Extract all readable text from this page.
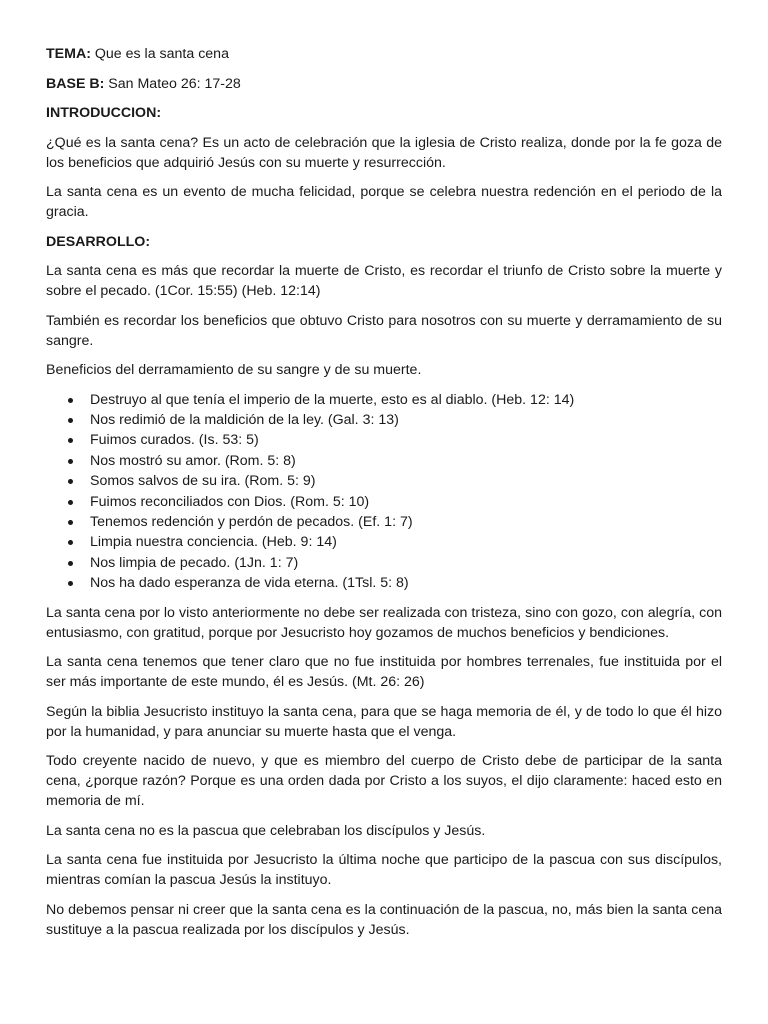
TEMA: Que es la santa cena

BASE B: San Mateo 26: 17-28

INTRODUCCION:

¿Qué es la santa cena? Es un acto de celebración que la iglesia de Cristo realiza, donde por la fe goza de los beneficios que adquirió Jesús con su muerte y resurrección.

La santa cena es un evento de mucha felicidad, porque se celebra nuestra redención en el periodo de la gracia.

DESARROLLO:

La santa cena es más que recordar la muerte de Cristo, es recordar el triunfo de Cristo sobre la muerte y sobre el pecado. (1Cor. 15:55) (Heb. 12:14)

También es recordar los beneficios que obtuvo Cristo para nosotros con su muerte y derramamiento de su sangre.

Beneficios del derramamiento de su sangre y de su muerte.

Destruyo al que tenía el imperio de la muerte, esto es al diablo. (Heb. 12: 14)
Nos redimió de la maldición de la ley. (Gal. 3: 13)
Fuimos curados. (Is. 53: 5)
Nos mostró su amor. (Rom. 5: 8)
Somos salvos de su ira. (Rom. 5: 9)
Fuimos reconciliados con Dios. (Rom. 5: 10)
Tenemos redención y perdón de pecados. (Ef. 1: 7)
Limpia nuestra conciencia. (Heb. 9: 14)
Nos limpia de pecado. (1Jn. 1: 7)
Nos ha dado esperanza de vida eterna. (1Tsl. 5: 8)

La santa cena por lo visto anteriormente no debe ser realizada con tristeza, sino con gozo, con alegría, con entusiasmo, con gratitud, porque por Jesucristo hoy gozamos de muchos beneficios y bendiciones.

La santa cena tenemos que tener claro que no fue instituida por hombres terrenales, fue instituida por el ser más importante de este mundo, él es Jesús. (Mt. 26: 26)

Según la biblia Jesucristo instituyo la santa cena, para que se haga memoria de él, y de todo lo que él hizo por la humanidad, y para anunciar su muerte hasta que el venga.

Todo creyente nacido de nuevo, y que es miembro del cuerpo de Cristo debe de participar de la santa cena, ¿porque razón? Porque es una orden dada por Cristo a los suyos, el dijo claramente: haced esto en memoria de mí.

La santa cena no es la pascua que celebraban los discípulos y Jesús.

La santa cena fue instituida por Jesucristo la última noche que participo de la pascua con sus discípulos, mientras comían la pascua Jesús la instituyo.

No debemos pensar ni creer que la santa cena es la continuación de la pascua, no, más bien la santa cena sustituye a la pascua realizada por los discípulos y Jesús.
